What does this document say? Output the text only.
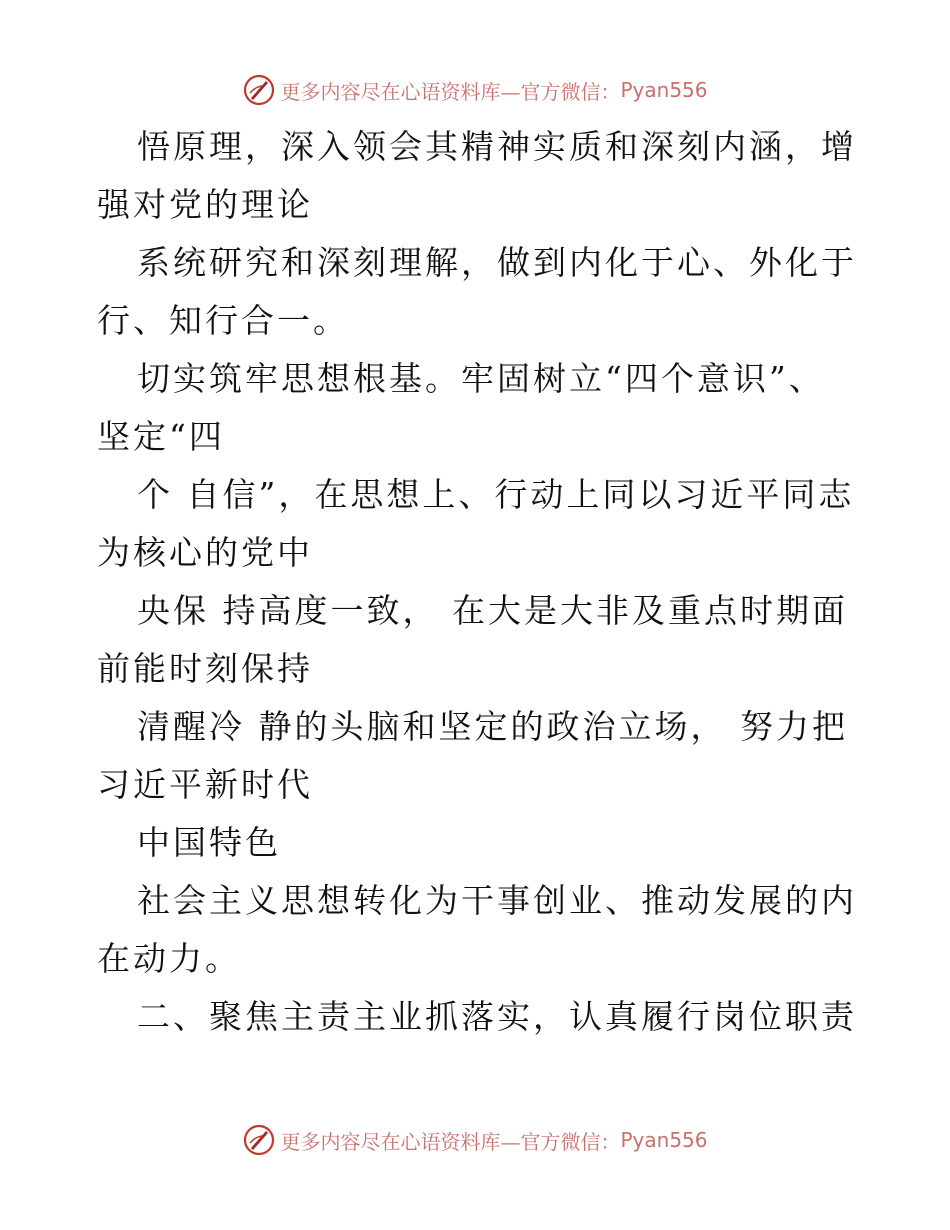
更多内容尽在心语资料库—官方微信： Pyan556

悟原理，深入领会其精神实质和深刻内涵，增强对党的理论

系统研究和深刻理解，做到内化于心、外化于行、知行合一。

切实筑牢思想根基。牢固树立“四个意识”、坚定“四

个 自信”，在思想上、行动上同以习近平同志为核心的党中

央保 持高度一致， 在大是大非及重点时期面前能时刻保持

清醒冷 静的头脑和坚定的政治立场， 努力把习近平新时代

中国特色

社会主义思想转化为干事创业、推动发展的内在动力。

二、聚焦主责主业抓落实，认真履行岗位职责

更多内容尽在心语资料库—官方微信： Pyan556
